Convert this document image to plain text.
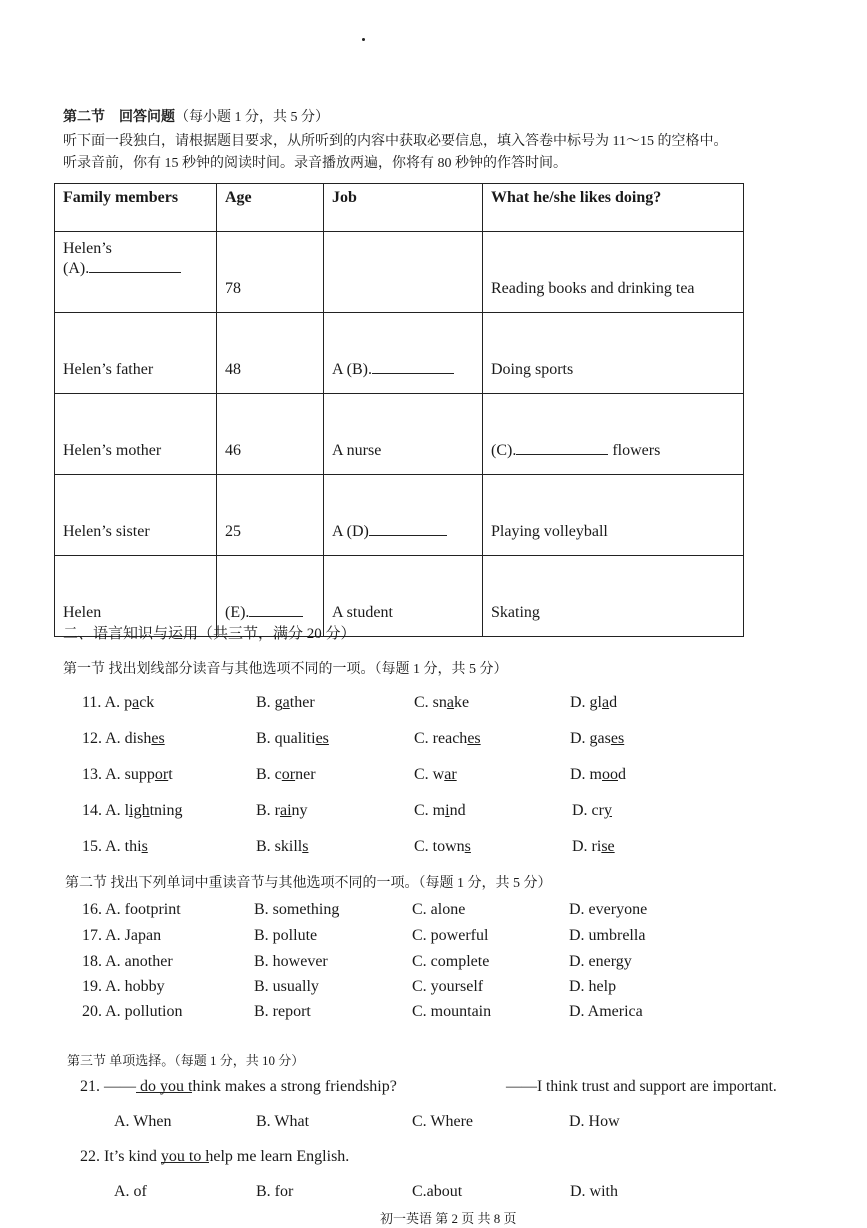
第二节　回答问题（每小题 1 分，共 5 分）
听下面一段独白，请根据题目要求，从所听到的内容中获取必要信息，填入答卷中标号为 11～15 的空格中。
听录音前，你有 15 秒钟的阅读时间。录音播放两遍，你将有 80 秒钟的作答时间。
Family members	Age	Job	What he/she likes doing?

Helen’s
(A).	78		Reading books and drinking tea
Helen’s father	48	A (B).	Doing sports
Helen’s mother	46	A nurse	(C). flowers
Helen’s sister	25	A (D)	Playing volleyball
Helen	(E).	A student	Skating
二、语言知识与运用（共三节，满分 20 分）
第一节 找出划线部分读音与其他选项不同的一项。（每题 1 分，共 5 分）
11. A. pack	B. gather	C. snake	D. glad
12. A. dishes	B. qualities	C. reaches	D. gases
13. A. support	B. corner	C. war	D. mood
14. A. lightning	B. rainy	C. mind	D. cry
15. A. this	B. skills	C. towns	D. rise
第二节 找出下列单词中重读音节与其他选项不同的一项。（每题 1 分，共 5 分）
16. A. footprint	B. something	C. alone	D. everyone
17. A. Japan	B. pollute	C. powerful	D. umbrella
18. A. another	B. however	C. complete	D. energy
19. A. hobby	B. usually	C. yourself	D. help
20. A. pollution	B. report	C. mountain	D. America
第三节 单项选择。（每题 1 分，共 10 分）
21. —— do you think makes a strong friendship?	——I think trust and support are important.
A. When	B. What	C. Where	D. How
22. It’s kind you to help me learn English.
A. of	B. for	C.about	D. with
初一英语 第 2 页 共 8 页
